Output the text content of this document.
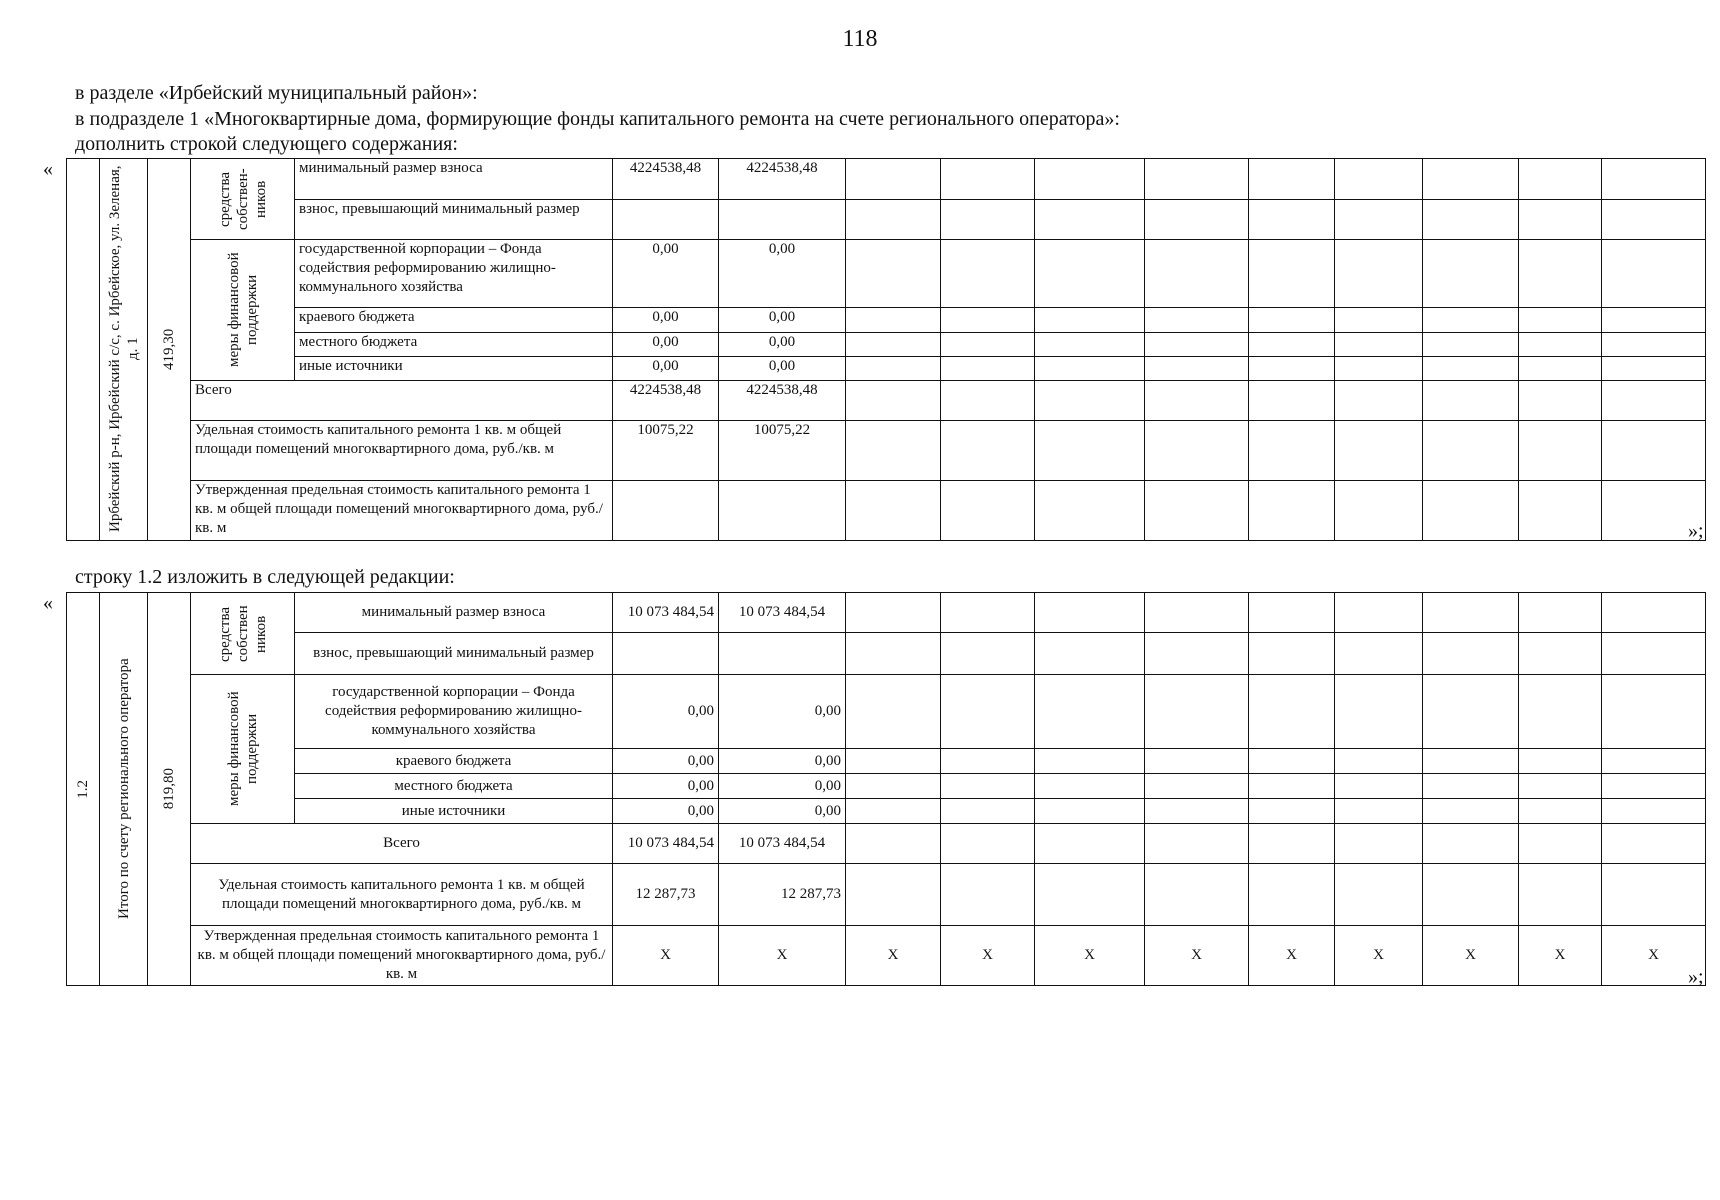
118
в разделе «Ирбейский муниципальный район»:
в подразделе 1 «Многоквартирные дома, формирующие фонды капитального ремонта на счете регионального оператора»:
дополнить строкой следующего содержания:
«
»;

	Ирбейский р-н, Ирбейский с/с, с. Ирбейское, ул. Зеленая, д. 1	419,30	средства собствен-ников	минимальный размер взноса	4224538,48	4224538,48									
				взнос, превышающий минимальный размер											

			меры финансовой поддержки	государственной корпорации – Фонда содействия реформированию жилищно-коммунального хозяйства	0,00	0,00									
				краевого бюджета	0,00	0,00									
				местного бюджета	0,00	0,00									
				иные источники	0,00	0,00									
			Всего		4224538,48	4224538,48									
			Удельная стоимость капитального ремонта 1 кв. м общей площади помещений многоквартирного дома, руб./кв. м		10075,22	10075,22									
			Утвержденная предельная стоимость капитального ремонта 1 кв. м общей площади помещений многоквартирного дома, руб./кв. м												
строку 1.2 изложить в следующей редакции:
«
»;
1.2	Итого по счету регионального оператора	819,80	средства собствен ников	минимальный размер взноса	10 073 484,54	10 073 484,54									
				взнос, превышающий минимальный размер											

			меры финансовой поддержки	государственной корпорации – Фонда содействия реформированию жилищно-коммунального хозяйства	0,00	0,00									
				краевого бюджета	0,00	0,00									
				местного бюджета	0,00	0,00									
				иные источники	0,00	0,00									
			Всего		10 073 484,54	10 073 484,54									
			Удельная стоимость капитального ремонта 1 кв. м общей площади помещений многоквартирного дома, руб./кв. м		12 287,73	12 287,73									
			Утвержденная предельная стоимость капитального ремонта 1 кв. м общей площади помещений многоквартирного дома, руб./кв. м		X	X	X	X	X	X	X	X	X	X	X
